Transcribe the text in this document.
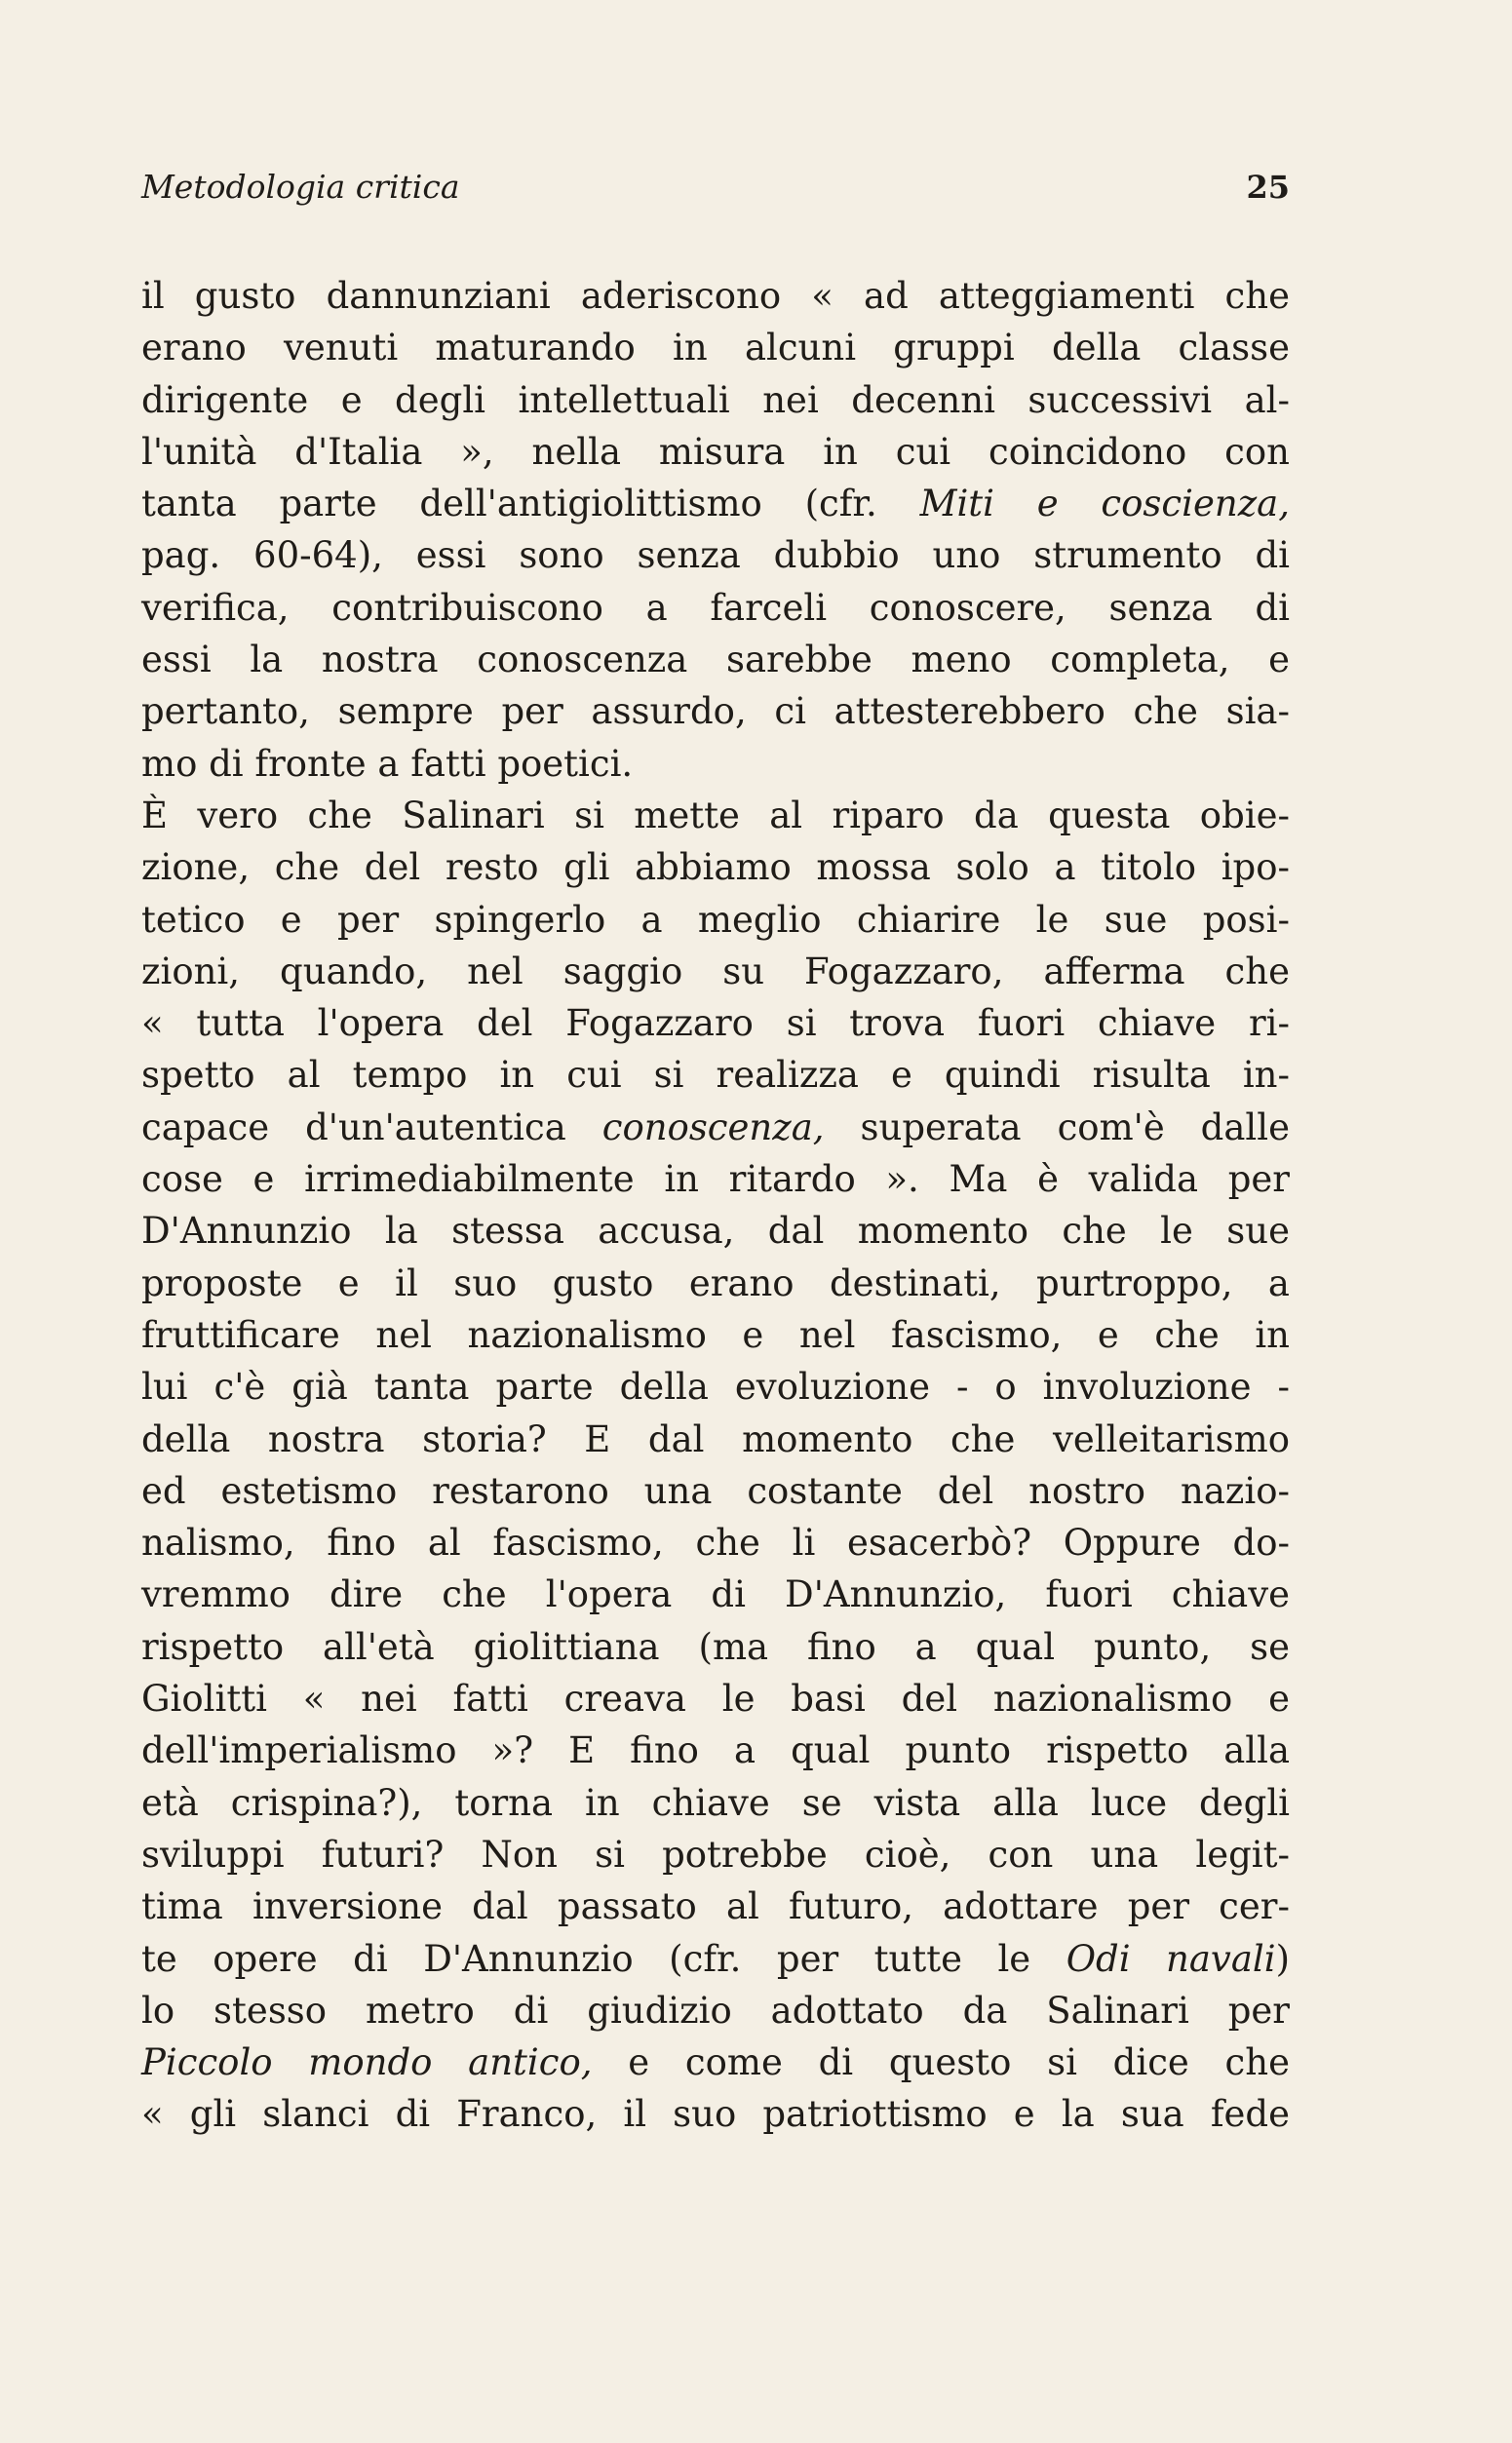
Metodologia critica	25
il gusto dannunziani aderiscono « ad atteggiamenti che
erano venuti maturando in alcuni gruppi della classe
dirigente e degli intellettuali nei decenni successivi al-
l'unità d'Italia », nella misura in cui coincidono con
tanta parte dell'antigiolittismo (cfr. Miti e coscienza,
pag. 60-64), essi sono senza dubbio uno strumento di
verifica, contribuiscono a farceli conoscere, senza di
essi la nostra conoscenza sarebbe meno completa, e
pertanto, sempre per assurdo, ci attesterebbero che sia-
mo di fronte a fatti poetici.
È vero che Salinari si mette al riparo da questa obie-
zione, che del resto gli abbiamo mossa solo a titolo ipo-
tetico e per spingerlo a meglio chiarire le sue posi-
zioni, quando, nel saggio su Fogazzaro, afferma che
« tutta l'opera del Fogazzaro si trova fuori chiave ri-
spetto al tempo in cui si realizza e quindi risulta in-
capace d'un'autentica conoscenza, superata com'è dalle
cose e irrimediabilmente in ritardo ». Ma è valida per
D'Annunzio la stessa accusa, dal momento che le sue
proposte e il suo gusto erano destinati, purtroppo, a
fruttificare nel nazionalismo e nel fascismo, e che in
lui c'è già tanta parte della evoluzione - o involuzione -
della nostra storia? E dal momento che velleitarismo
ed estetismo restarono una costante del nostro nazio-
nalismo, fino al fascismo, che li esacerbò? Oppure do-
vremmo dire che l'opera di D'Annunzio, fuori chiave
rispetto all'età giolittiana (ma fino a qual punto, se
Giolitti « nei fatti creava le basi del nazionalismo e
dell'imperialismo »? E fino a qual punto rispetto alla
età crispina?), torna in chiave se vista alla luce degli
sviluppi futuri? Non si potrebbe cioè, con una legit-
tima inversione dal passato al futuro, adottare per cer-
te opere di D'Annunzio (cfr. per tutte le Odi navali)
lo stesso metro di giudizio adottato da Salinari per
Piccolo mondo antico, e come di questo si dice che
« gli slanci di Franco, il suo patriottismo e la sua fede
